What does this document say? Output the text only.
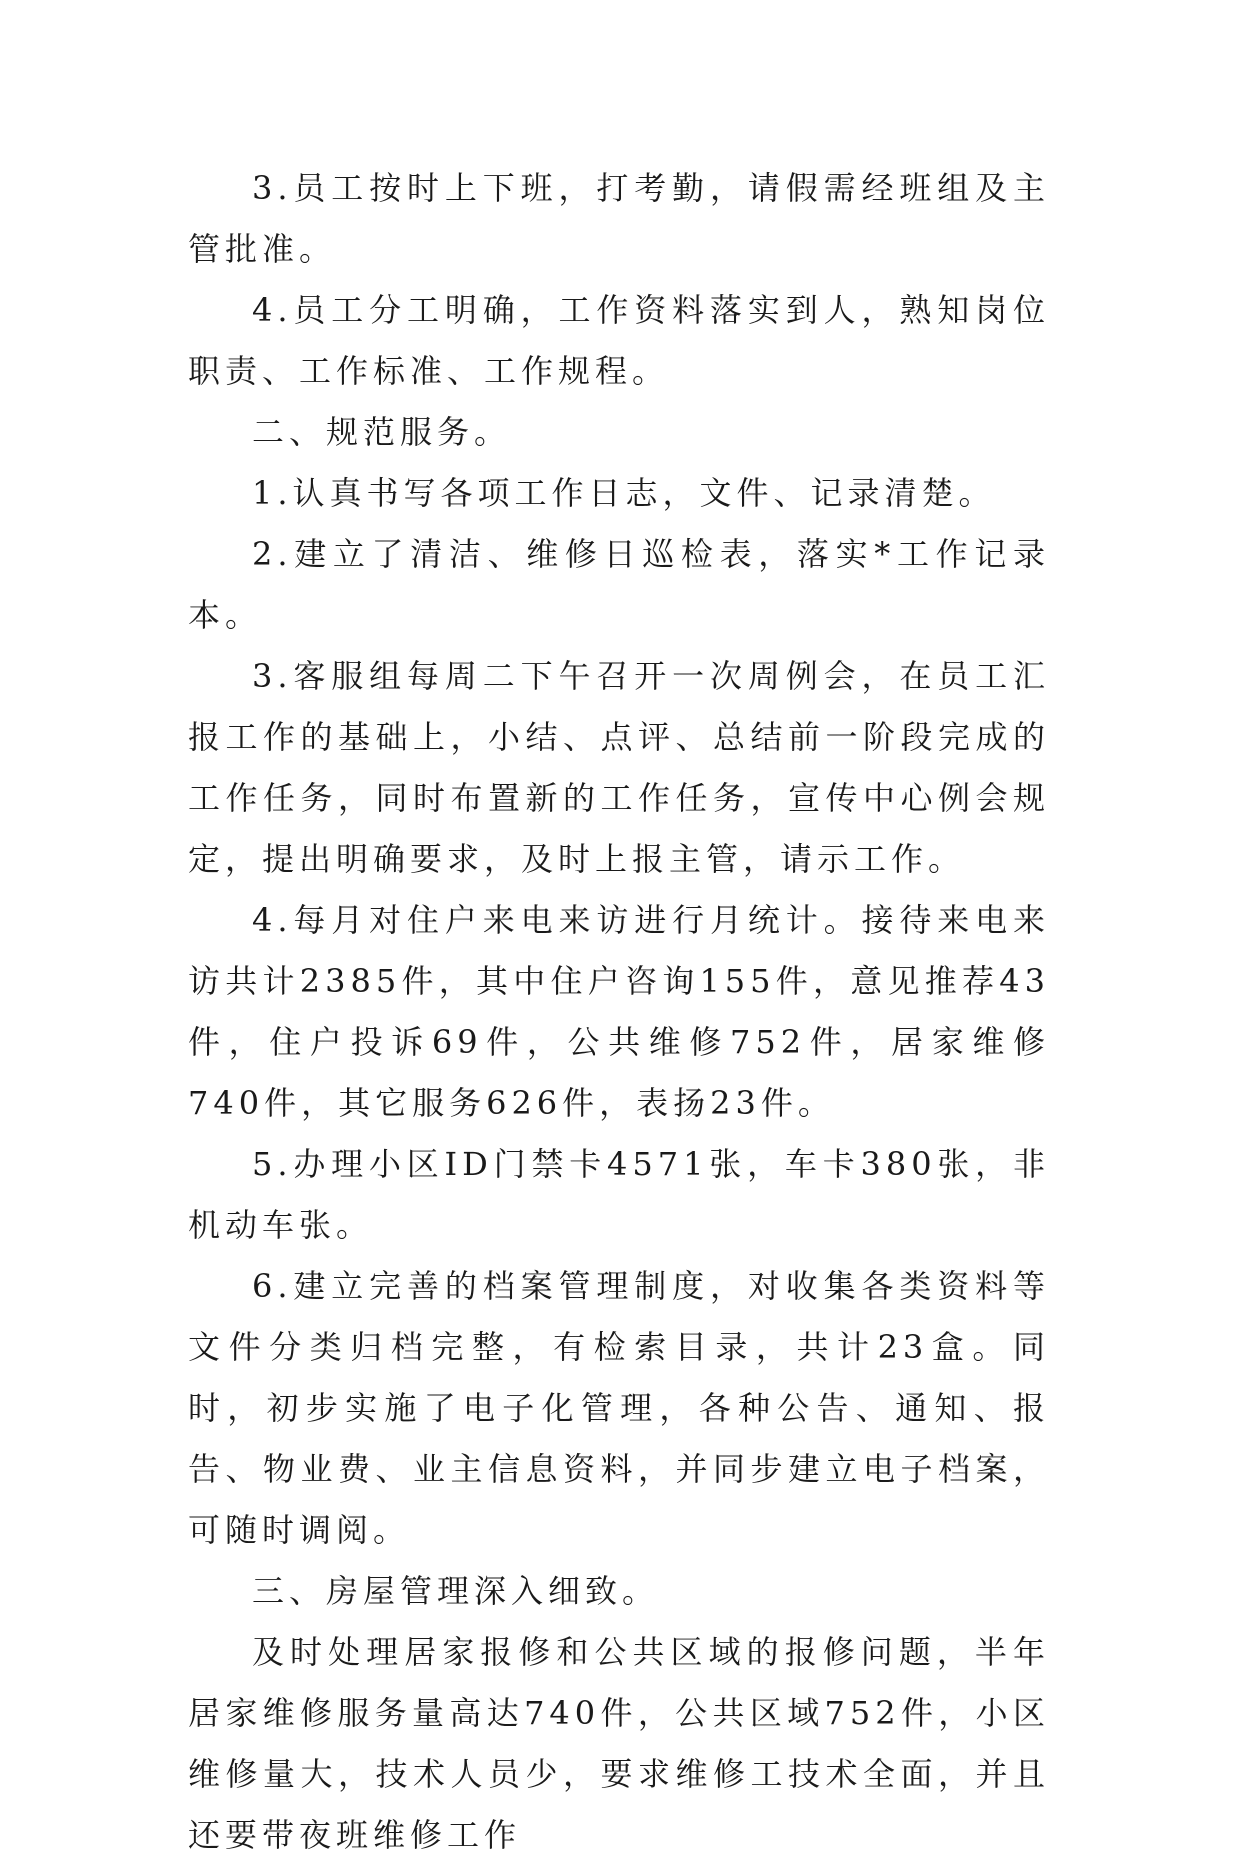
3.员工按时上下班，打考勤，请假需经班组及主管批准。

4.员工分工明确，工作资料落实到人，熟知岗位职责、工作标准、工作规程。

二、规范服务。

1.认真书写各项工作日志，文件、记录清楚。

2.建立了清洁、维修日巡检表，落实*工作记录本。

3.客服组每周二下午召开一次周例会，在员工汇报工作的基础上，小结、点评、总结前一阶段完成的工作任务，同时布置新的工作任务，宣传中心例会规定，提出明确要求，及时上报主管，请示工作。

4.每月对住户来电来访进行月统计。接待来电来访共计2385件，其中住户咨询155件，意见推荐43件，住户投诉69件，公共维修752件，居家维修740件，其它服务626件，表扬23件。

5.办理小区ID门禁卡4571张，车卡380张，非机动车张。

6.建立完善的档案管理制度，对收集各类资料等文件分类归档完整，有检索目录，共计23盒。同时，初步实施了电子化管理，各种公告、通知、报告、物业费、业主信息资料，并同步建立电子档案，可随时调阅。

三、房屋管理深入细致。

及时处理居家报修和公共区域的报修问题，半年居家维修服务量高达740件，公共区域752件，小区维修量大，技术人员少，要求维修工技术全面，并且还要带夜班维修工作
